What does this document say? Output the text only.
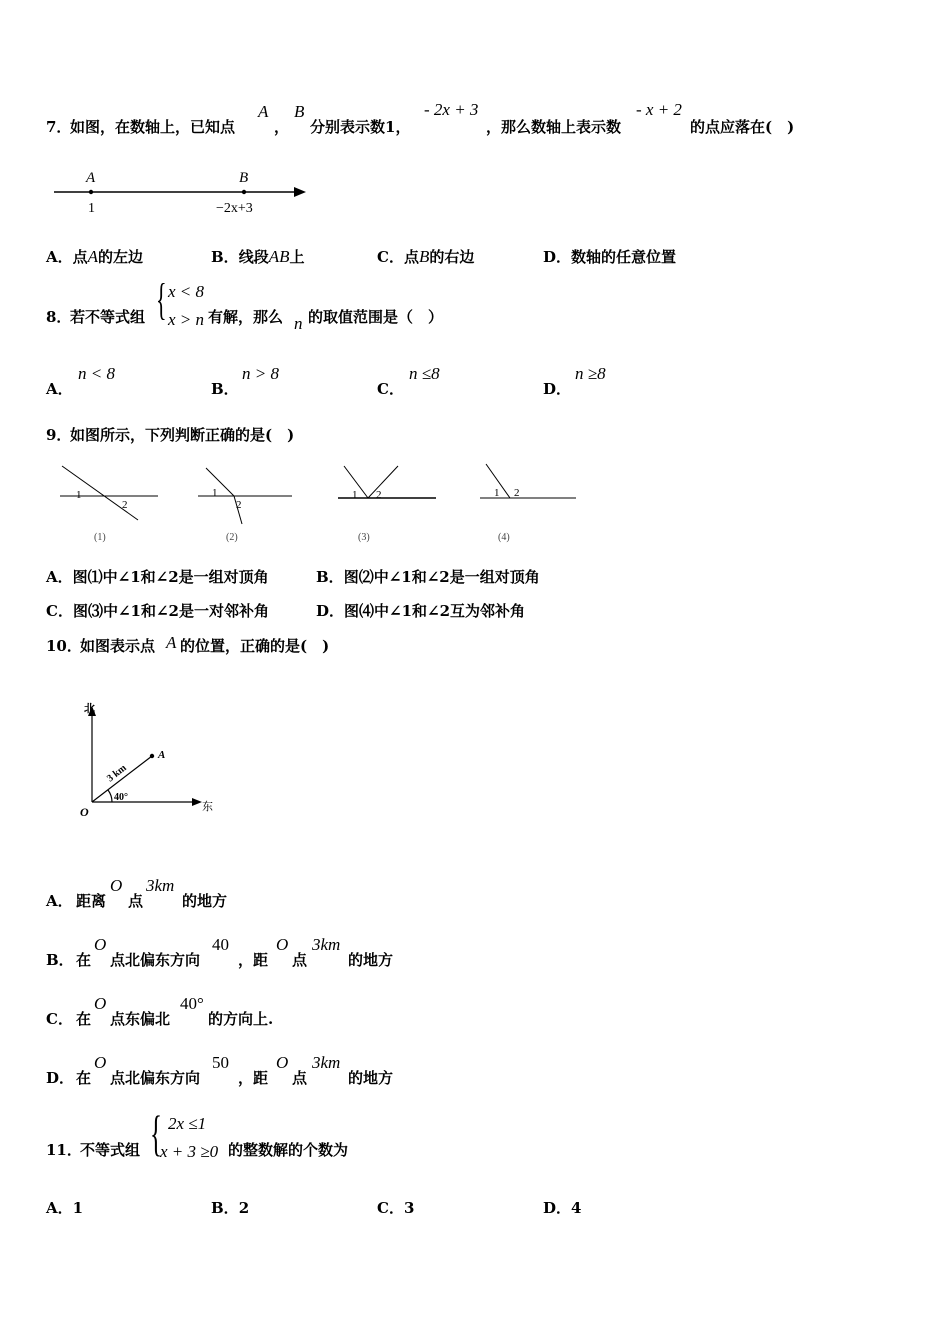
7．
如图，在数轴上，已知点
A
，
B
分别表示数1，
- 2x + 3
，那么数轴上表示数
- x + 2
的点应落在(　)
A	B
1	−2x+3
A．点A的左边	B．线段AB上	C．点B的右边	D．数轴的任意位置
8．
若不等式组 { x < 8
x > n 有解，那么 n 的取值范围是（　）
A．
n < 8
B．
n > 8
C．
n ≤8
D．
n ≥8
9．
如图所示，下列判断正确的是(　)
1
2
1
2
1 2	1 2
(1)	(2)	(3)	(4)
A．图⑴中∠1和∠2是一组对顶角	B．图⑵中∠1和∠2是一组对顶角
C．图⑶中∠1和∠2是一对邻补角	D．图⑷中∠1和∠2互为邻补角
10．
如图表示点 A 的位置，正确的是(　)
北
东
O
A
3 km
40°
A． 距离
O
点
3km
的地方
B． 在
O
点北偏东方向
40
，距
O
点
3km
的地方
C． 在
O
点东偏北
40°
的方向上.
D． 在
O
点北偏东方向
50
，距
O
点
3km
的地方
11．
不等式组 { 2x ≤1
x + 3 ≥0 的整数解的个数为
A．1	B．2	C．3	D．4
